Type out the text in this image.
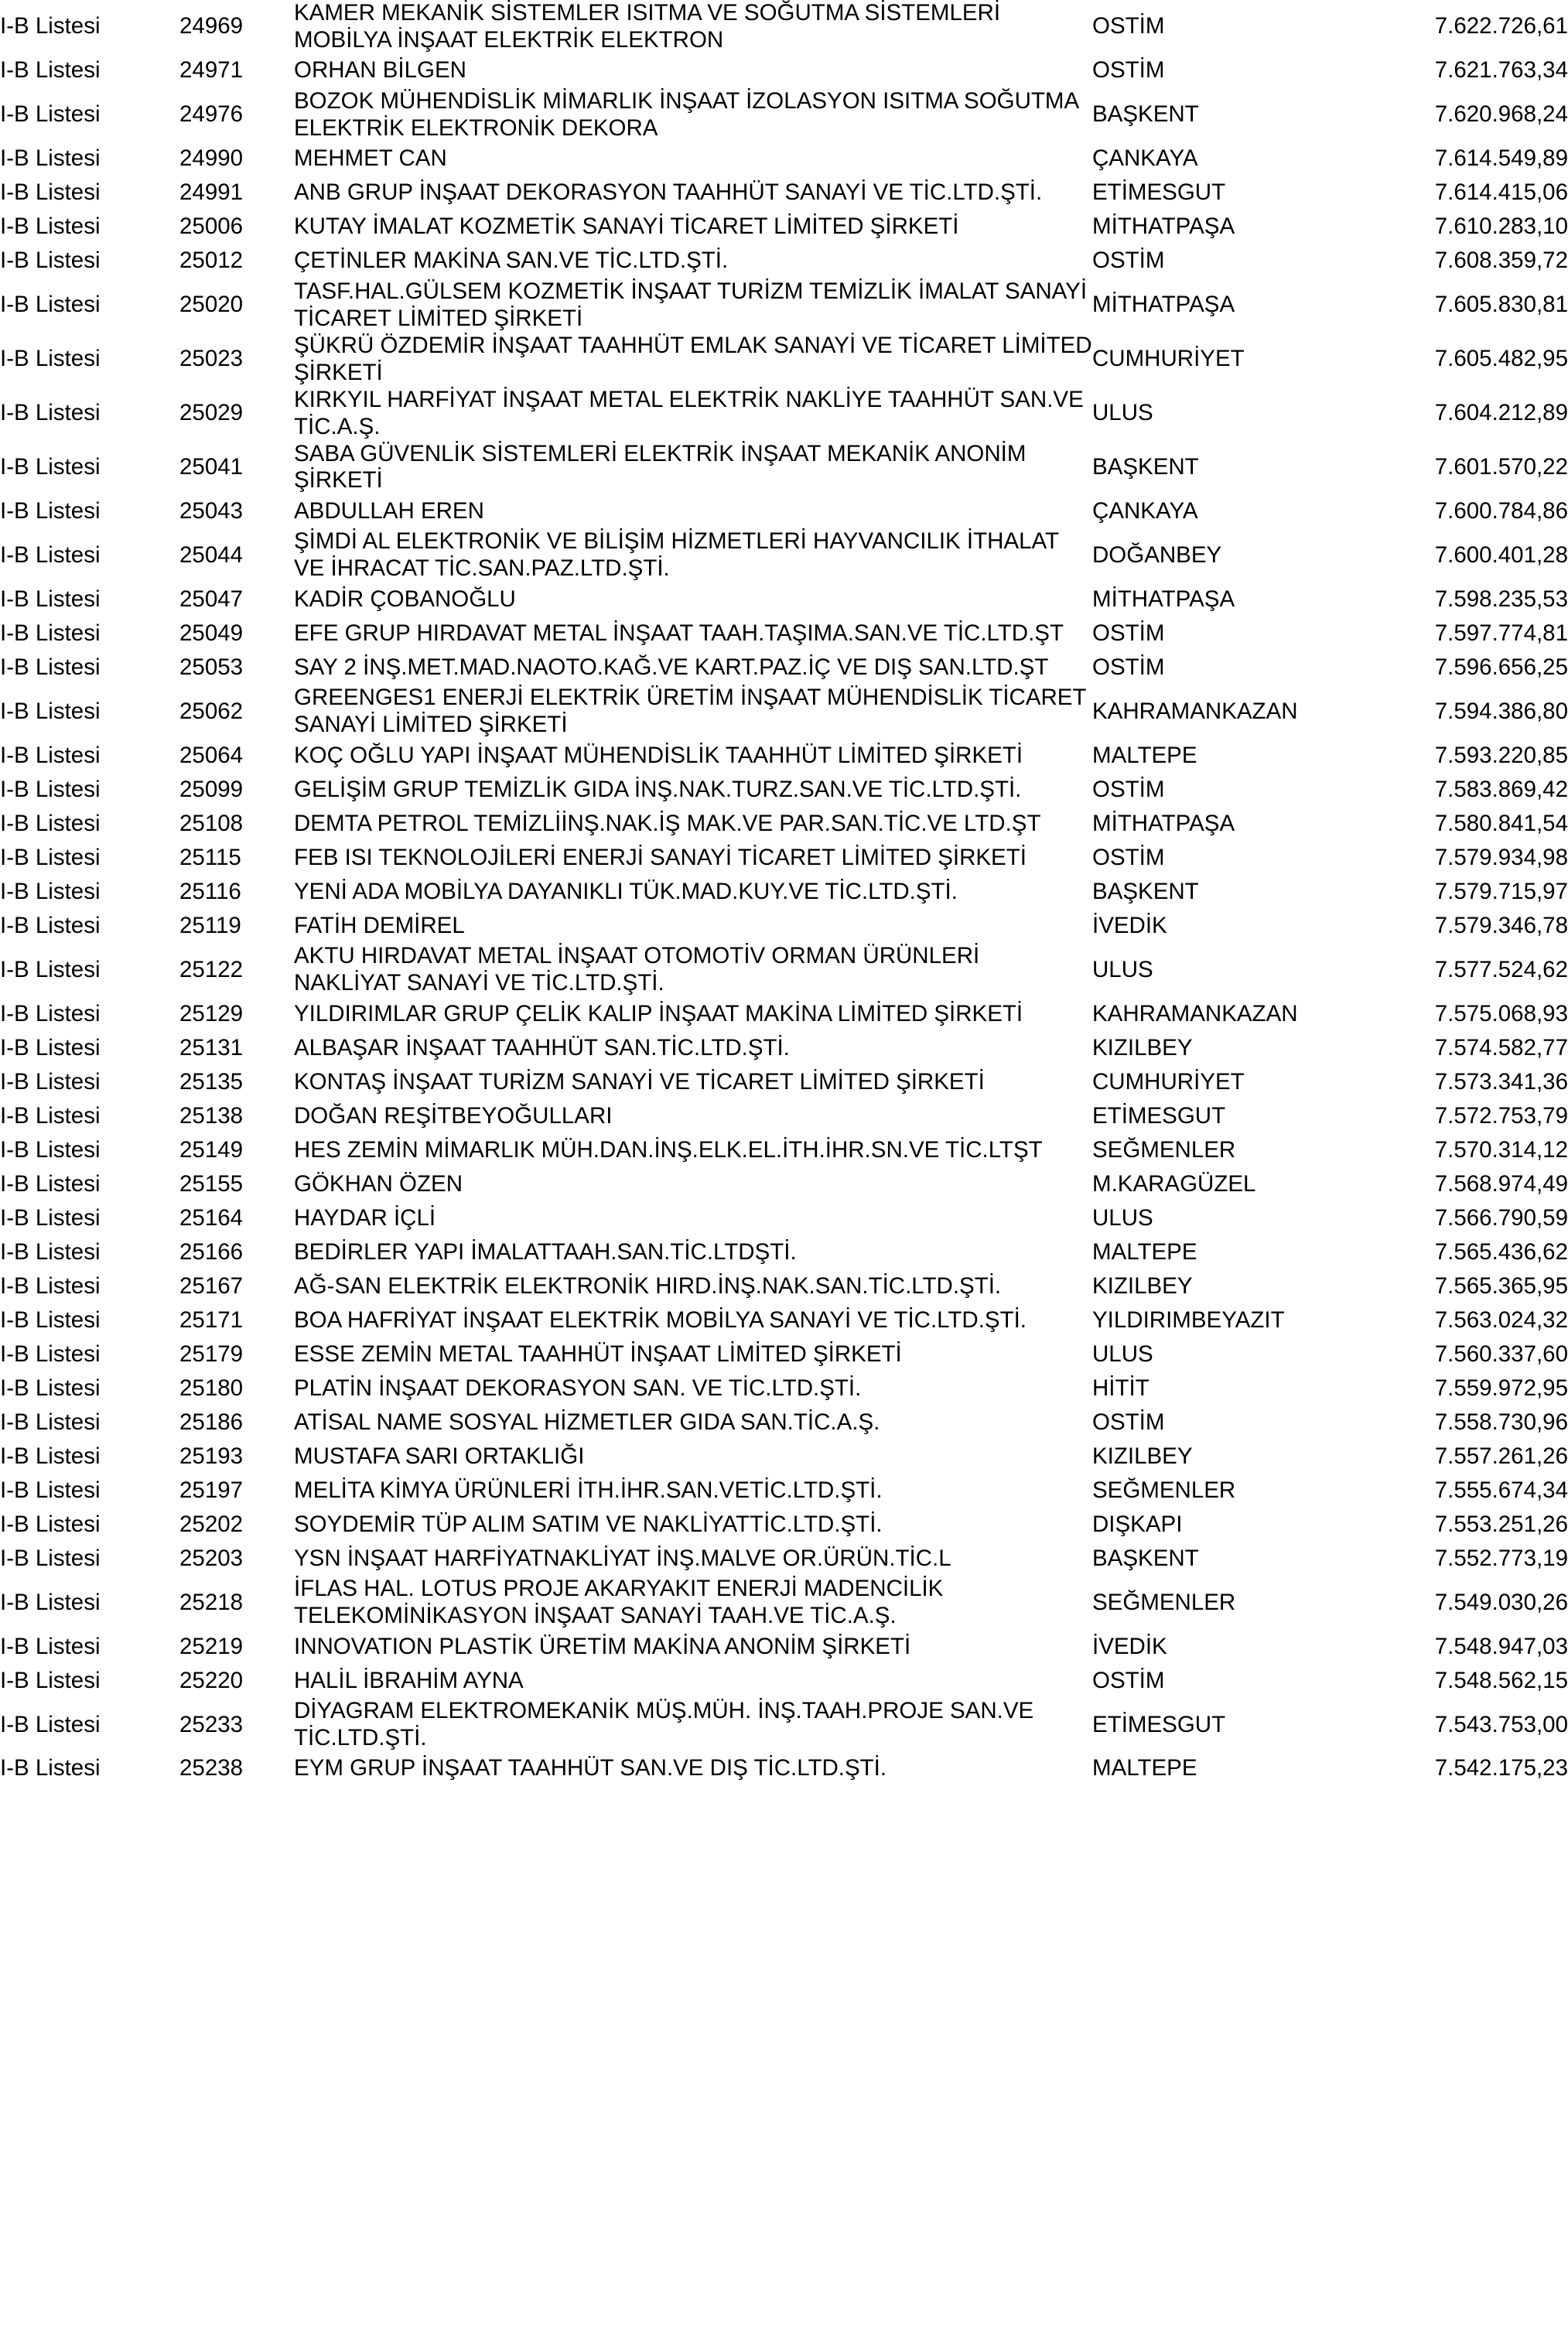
I-B Listesi	24969	KAMER MEKANİK SİSTEMLER ISITMA VE SOĞUTMA SİSTEMLERİ MOBİLYA İNŞAAT ELEKTRİK ELEKTRON	OSTİM	7.622.726,61
I-B Listesi	24971	ORHAN BİLGEN	OSTİM	7.621.763,34
I-B Listesi	24976	BOZOK MÜHENDİSLİK MİMARLIK İNŞAAT İZOLASYON ISITMA SOĞUTMA ELEKTRİK ELEKTRONİK DEKORA	BAŞKENT	7.620.968,24
I-B Listesi	24990	MEHMET CAN	ÇANKAYA	7.614.549,89
I-B Listesi	24991	ANB GRUP İNŞAAT DEKORASYON TAAHHÜT SANAYİ VE TİC.LTD.ŞTİ.	ETİMESGUT	7.614.415,06
I-B Listesi	25006	KUTAY İMALAT KOZMETİK SANAYİ TİCARET LİMİTED ŞİRKETİ	MİTHATPAŞA	7.610.283,10
I-B Listesi	25012	ÇETİNLER MAKİNA SAN.VE TİC.LTD.ŞTİ.	OSTİM	7.608.359,72
I-B Listesi	25020	TASF.HAL.GÜLSEM KOZMETİK İNŞAAT TURİZM TEMİZLİK İMALAT SANAYİ TİCARET LİMİTED ŞİRKETİ	MİTHATPAŞA	7.605.830,81
I-B Listesi	25023	ŞÜKRÜ ÖZDEMİR İNŞAAT TAAHHÜT EMLAK SANAYİ VE TİCARET LİMİTED ŞİRKETİ	CUMHURİYET	7.605.482,95
I-B Listesi	25029	KIRKYIL HARFİYAT İNŞAAT METAL ELEKTRİK NAKLİYE TAAHHÜT SAN.VE TİC.A.Ş.	ULUS	7.604.212,89
I-B Listesi	25041	SABA GÜVENLİK SİSTEMLERİ ELEKTRİK İNŞAAT MEKANİK ANONİM ŞİRKETİ	BAŞKENT	7.601.570,22
I-B Listesi	25043	ABDULLAH EREN	ÇANKAYA	7.600.784,86
I-B Listesi	25044	ŞİMDİ AL ELEKTRONİK VE BİLİŞİM HİZMETLERİ HAYVANCILIK İTHALAT VE İHRACAT TİC.SAN.PAZ.LTD.ŞTİ.	DOĞANBEY	7.600.401,28
I-B Listesi	25047	KADİR ÇOBANOĞLU	MİTHATPAŞA	7.598.235,53
I-B Listesi	25049	EFE GRUP HIRDAVAT METAL İNŞAAT TAAH.TAŞIMA.SAN.VE TİC.LTD.ŞT	OSTİM	7.597.774,81
I-B Listesi	25053	SAY 2 İNŞ.MET.MAD.NAOTO.KAĞ.VE KART.PAZ.İÇ VE DIŞ SAN.LTD.ŞT	OSTİM	7.596.656,25
I-B Listesi	25062	GREENGES1 ENERJİ ELEKTRİK ÜRETİM İNŞAAT MÜHENDİSLİK TİCARET SANAYİ LİMİTED ŞİRKETİ	KAHRAMANKAZAN	7.594.386,80
I-B Listesi	25064	KOÇ OĞLU YAPI İNŞAAT MÜHENDİSLİK TAAHHÜT LİMİTED ŞİRKETİ	MALTEPE	7.593.220,85
I-B Listesi	25099	GELİŞİM GRUP TEMİZLİK GIDA İNŞ.NAK.TURZ.SAN.VE TİC.LTD.ŞTİ.	OSTİM	7.583.869,42
I-B Listesi	25108	DEMTA PETROL TEMİZLİİNŞ.NAK.İŞ MAK.VE PAR.SAN.TİC.VE LTD.ŞT	MİTHATPAŞA	7.580.841,54
I-B Listesi	25115	FEB ISI TEKNOLOJİLERİ ENERJİ SANAYİ TİCARET LİMİTED ŞİRKETİ	OSTİM	7.579.934,98
I-B Listesi	25116	YENİ ADA MOBİLYA DAYANIKLI TÜK.MAD.KUY.VE TİC.LTD.ŞTİ.	BAŞKENT	7.579.715,97
I-B Listesi	25119	FATİH DEMİREL	İVEDİK	7.579.346,78
I-B Listesi	25122	AKTU HIRDAVAT METAL İNŞAAT OTOMOTİV ORMAN ÜRÜNLERİ NAKLİYAT SANAYİ VE TİC.LTD.ŞTİ.	ULUS	7.577.524,62
I-B Listesi	25129	YILDIRIMLAR GRUP ÇELİK KALIP İNŞAAT MAKİNA LİMİTED ŞİRKETİ	KAHRAMANKAZAN	7.575.068,93
I-B Listesi	25131	ALBAŞAR İNŞAAT TAAHHÜT SAN.TİC.LTD.ŞTİ.	KIZILBEY	7.574.582,77
I-B Listesi	25135	KONTAŞ İNŞAAT TURİZM SANAYİ VE TİCARET LİMİTED ŞİRKETİ	CUMHURİYET	7.573.341,36
I-B Listesi	25138	DOĞAN REŞİTBEYOĞULLARI	ETİMESGUT	7.572.753,79
I-B Listesi	25149	HES ZEMİN MİMARLIK MÜH.DAN.İNŞ.ELK.EL.İTH.İHR.SN.VE TİC.LTŞT	SEĞMENLER	7.570.314,12
I-B Listesi	25155	GÖKHAN ÖZEN	M.KARAGÜZEL	7.568.974,49
I-B Listesi	25164	HAYDAR İÇLİ	ULUS	7.566.790,59
I-B Listesi	25166	BEDİRLER YAPI İMALATTAAH.SAN.TİC.LTDŞTİ.	MALTEPE	7.565.436,62
I-B Listesi	25167	AĞ-SAN ELEKTRİK ELEKTRONİK HIRD.İNŞ.NAK.SAN.TİC.LTD.ŞTİ.	KIZILBEY	7.565.365,95
I-B Listesi	25171	BOA HAFRİYAT İNŞAAT ELEKTRİK MOBİLYA SANAYİ VE TİC.LTD.ŞTİ.	YILDIRIMBEYAZIT	7.563.024,32
I-B Listesi	25179	ESSE ZEMİN METAL TAAHHÜT İNŞAAT LİMİTED ŞİRKETİ	ULUS	7.560.337,60
I-B Listesi	25180	PLATİN İNŞAAT DEKORASYON SAN. VE TİC.LTD.ŞTİ.	HİTİT	7.559.972,95
I-B Listesi	25186	ATİSAL NAME SOSYAL HİZMETLER GIDA SAN.TİC.A.Ş.	OSTİM	7.558.730,96
I-B Listesi	25193	MUSTAFA SARI ORTAKLIĞI	KIZILBEY	7.557.261,26
I-B Listesi	25197	MELİTA KİMYA ÜRÜNLERİ İTH.İHR.SAN.VETİC.LTD.ŞTİ.	SEĞMENLER	7.555.674,34
I-B Listesi	25202	SOYDEMİR TÜP ALIM SATIM VE NAKLİYATTİC.LTD.ŞTİ.	DIŞKAPI	7.553.251,26
I-B Listesi	25203	YSN İNŞAAT HARFİYATNAKLİYAT İNŞ.MALVE OR.ÜRÜN.TİC.L	BAŞKENT	7.552.773,19
I-B Listesi	25218	İFLAS HAL. LOTUS PROJE AKARYAKIT ENERJİ MADENCİLİK TELEKOMİNİKASYON İNŞAAT SANAYİ TAAH.VE TİC.A.Ş.	SEĞMENLER	7.549.030,26
I-B Listesi	25219	INNOVATION PLASTİK ÜRETİM MAKİNA ANONİM ŞİRKETİ	İVEDİK	7.548.947,03
I-B Listesi	25220	HALİL İBRAHİM AYNA	OSTİM	7.548.562,15
I-B Listesi	25233	DİYAGRAM ELEKTROMEKANİK MÜŞ.MÜH. İNŞ.TAAH.PROJE SAN.VE TİC.LTD.ŞTİ.	ETİMESGUT	7.543.753,00
I-B Listesi	25238	EYM GRUP İNŞAAT TAAHHÜT SAN.VE DIŞ TİC.LTD.ŞTİ.	MALTEPE	7.542.175,23
